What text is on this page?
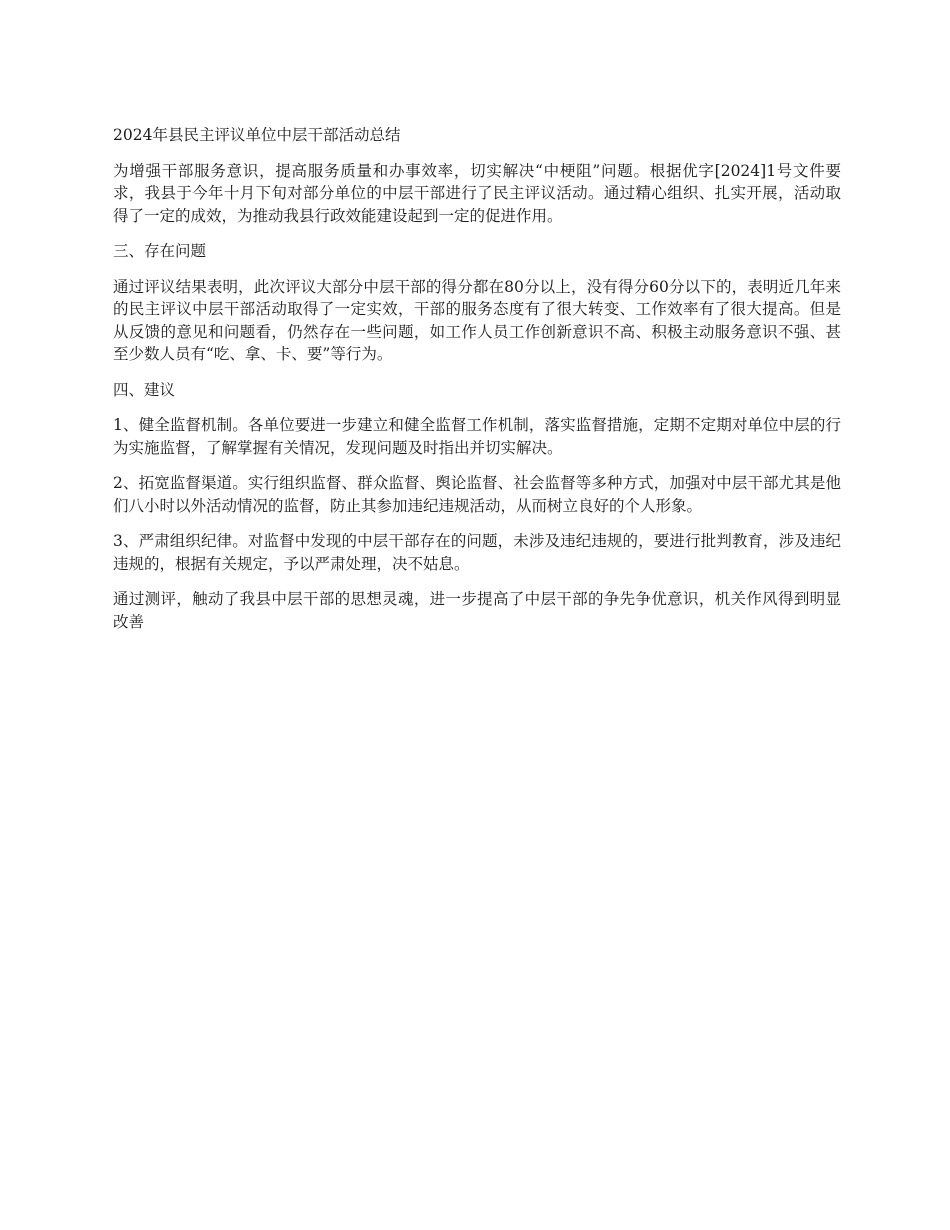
2024年县民主评议单位中层干部活动总结

为增强干部服务意识，提高服务质量和办事效率，切实解决“中梗阻”问题。根据优字[2024]1号文件要求，我县于今年十月下旬对部分单位的中层干部进行了民主评议活动。通过精心组织、扎实开展，活动取得了一定的成效，为推动我县行政效能建设起到一定的促进作用。

三、存在问题

通过评议结果表明，此次评议大部分中层干部的得分都在80分以上，没有得分60分以下的，表明近几年来的民主评议中层干部活动取得了一定实效，干部的服务态度有了很大转变、工作效率有了很大提高。但是从反馈的意见和问题看，仍然存在一些问题，如工作人员工作创新意识不高、积极主动服务意识不强、甚至少数人员有“吃、拿、卡、要”等行为。

四、建议

1、健全监督机制。各单位要进一步建立和健全监督工作机制，落实监督措施，定期不定期对单位中层的行为实施监督，了解掌握有关情况，发现问题及时指出并切实解决。

2、拓宽监督渠道。实行组织监督、群众监督、舆论监督、社会监督等多种方式，加强对中层干部尤其是他们八小时以外活动情况的监督，防止其参加违纪违规活动，从而树立良好的个人形象。

3、严肃组织纪律。对监督中发现的中层干部存在的问题，未涉及违纪违规的，要进行批判教育，涉及违纪违规的，根据有关规定，予以严肃处理，决不姑息。

通过测评，触动了我县中层干部的思想灵魂，进一步提高了中层干部的争先争优意识，机关作风得到明显改善
